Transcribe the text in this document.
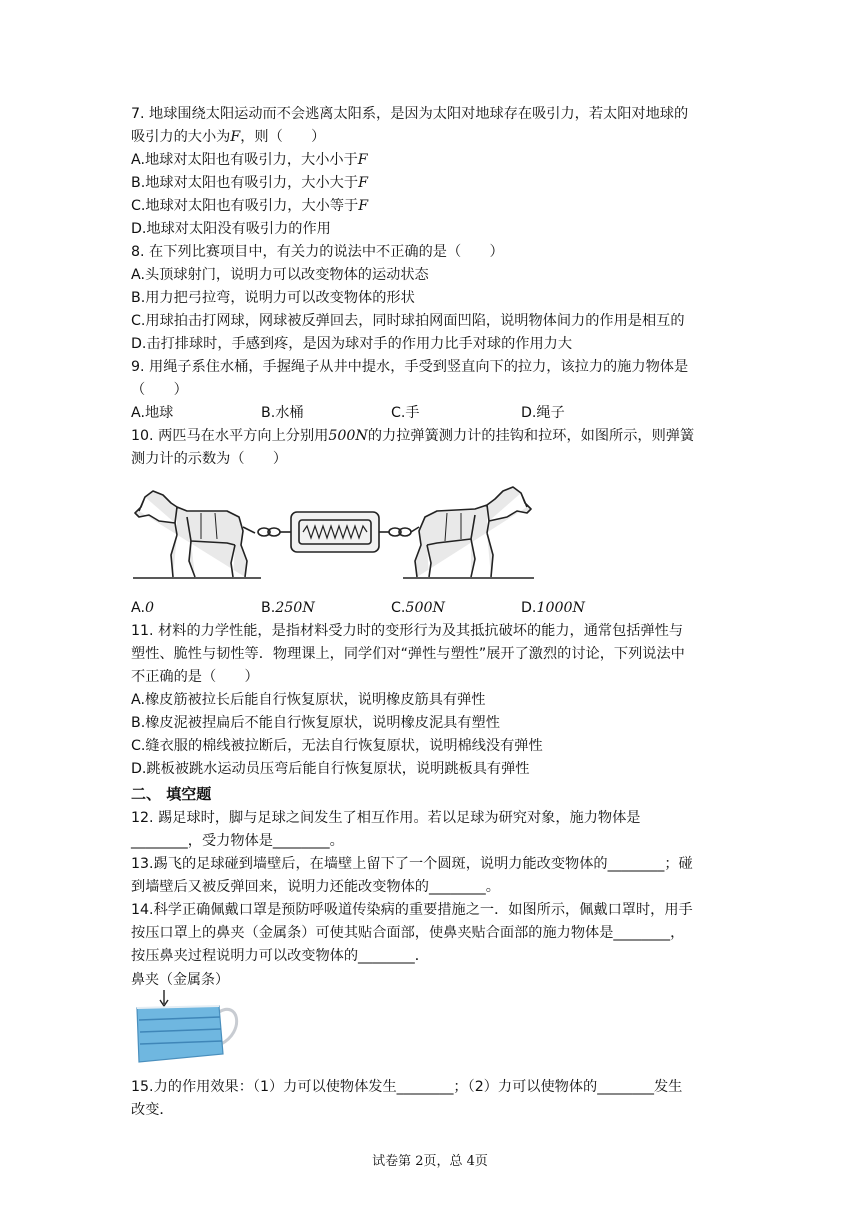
7. 地球围绕太阳运动而不会逃离太阳系，是因为太阳对地球存在吸引力，若太阳对地球的
吸引力的大小为F，则（　　）
A.地球对太阳也有吸引力，大小小于F
B.地球对太阳也有吸引力，大小大于F
C.地球对太阳也有吸引力，大小等于F
D.地球对太阳没有吸引力的作用
8. 在下列比赛项目中，有关力的说法中不正确的是（　　）
A.头顶球射门，说明力可以改变物体的运动状态
B.用力把弓拉弯，说明力可以改变物体的形状
C.用球拍击打网球，网球被反弹回去，同时球拍网面凹陷，说明物体间力的作用是相互的
D.击打排球时，手感到疼，是因为球对手的作用力比手对球的作用力大
9. 用绳子系住水桶，手握绳子从井中提水，手受到竖直向下的拉力，该拉力的施力物体是
（　　）
A.地球	B.水桶	C.手	D.绳子
10. 两匹马在水平方向上分别用500N的力拉弹簧测力计的挂钩和拉环，如图所示，则弹簧
测力计的示数为（　　）
A.0	B.250N	C.500N	D.1000N
11. 材料的力学性能，是指材料受力时的变形行为及其抵抗破坏的能力，通常包括弹性与
塑性、脆性与韧性等．物理课上，同学们对“弹性与塑性”展开了激烈的讨论，下列说法中
不正确的是（　　）
A.橡皮筋被拉长后能自行恢复原状，说明橡皮筋具有弹性
B.橡皮泥被捏扁后不能自行恢复原状，说明橡皮泥具有塑性
C.缝衣服的棉线被拉断后，无法自行恢复原状，说明棉线没有弹性
D.跳板被跳水运动员压弯后能自行恢复原状，说明跳板具有弹性
二、 填空题
12. 踢足球时，脚与足球之间发生了相互作用。若以足球为研究对象，施力物体是
________，受力物体是________。
13.踢飞的足球碰到墙壁后，在墙壁上留下了一个圆斑，说明力能改变物体的________；碰
到墙壁后又被反弹回来，说明力还能改变物体的________。
14.科学正确佩戴口罩是预防呼吸道传染病的重要措施之一．如图所示，佩戴口罩时，用手
按压口罩上的鼻夹（金属条）可使其贴合面部，使鼻夹贴合面部的施力物体是________，
按压鼻夹过程说明力可以改变物体的________．
鼻夹（金属条）
15.力的作用效果：（1）力可以使物体发生________；（2）力可以使物体的________发生
改变．
试卷第 2页，总 4页
